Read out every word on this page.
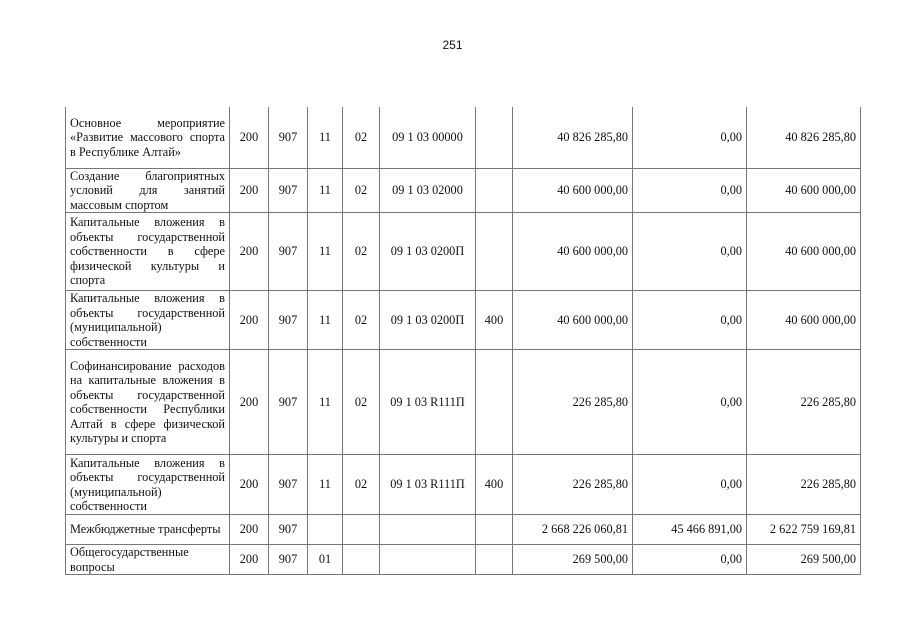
251
Основное мероприятие «Развитие массового спорта в Республике Алтай»	200	907	11	02	09 1 03 00000		40 826 285,80	0,00	40 826 285,80
Создание благоприятных условий для занятий массовым спортом	200	907	11	02	09 1 03 02000		40 600 000,00	0,00	40 600 000,00
Капитальные вложения в объекты государственной собственности в сфере физической культуры и спорта	200	907	11	02	09 1 03 0200П		40 600 000,00	0,00	40 600 000,00
Капитальные вложения в объекты государственной (муниципальной) собственности	200	907	11	02	09 1 03 0200П	400	40 600 000,00	0,00	40 600 000,00
Софинансирование расходов на капитальные вложения в объекты государственной собственности Республики Алтай в сфере физической культуры и спорта	200	907	11	02	09 1 03 R111П		226 285,80	0,00	226 285,80
Капитальные вложения в объекты государственной (муниципальной) собственности	200	907	11	02	09 1 03 R111П	400	226 285,80	0,00	226 285,80
Межбюджетные трансферты	200	907					2 668 226 060,81	45 466 891,00	2 622 759 169,81
Общегосударственные вопросы	200	907	01				269 500,00	0,00	269 500,00
